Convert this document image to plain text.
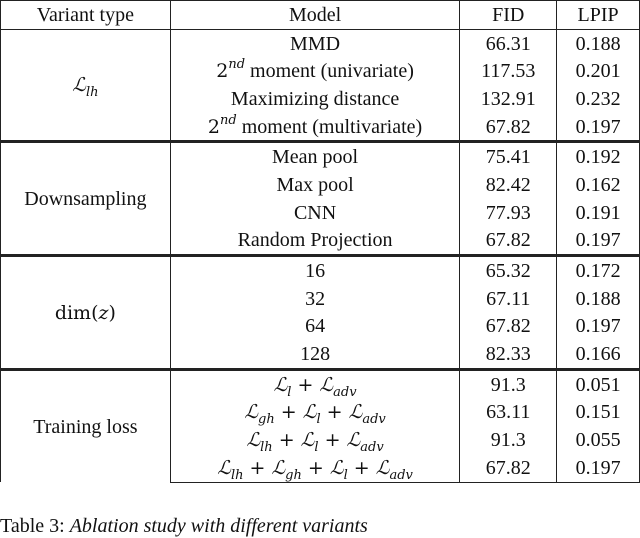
Variant type	Model	FID	LPIP
ℒ$_{lh}$	MMD	66.31	0.188
	2nd moment (univariate)	117.53	0.201
	Maximizing distance	132.91	0.232
	2nd moment (multivariate)	67.82	0.197
Downsampling	Mean pool	75.41	0.192
	Max pool	82.42	0.162
	CNN	77.93	0.191
	Random Projection	67.82	0.197
dim(z)	16	65.32	0.172
	32	67.11	0.188
	64	67.82	0.197
	128	82.33	0.166
Training loss	ℒ$_l$ + ℒ$_{adv}$	91.3	0.051
	ℒ$_{gh}$ + ℒ$_l$ + ℒ$_{adv}$	63.11	0.151
	ℒ$_{lh}$ + ℒ$_l$ + ℒ$_{adv}$	91.3	0.055
	ℒ$_{lh}$ + ℒ$_{gh}$ + ℒ$_l$ + ℒ$_{adv}$	67.82	0.197
Table 3: Ablation study with different variants
